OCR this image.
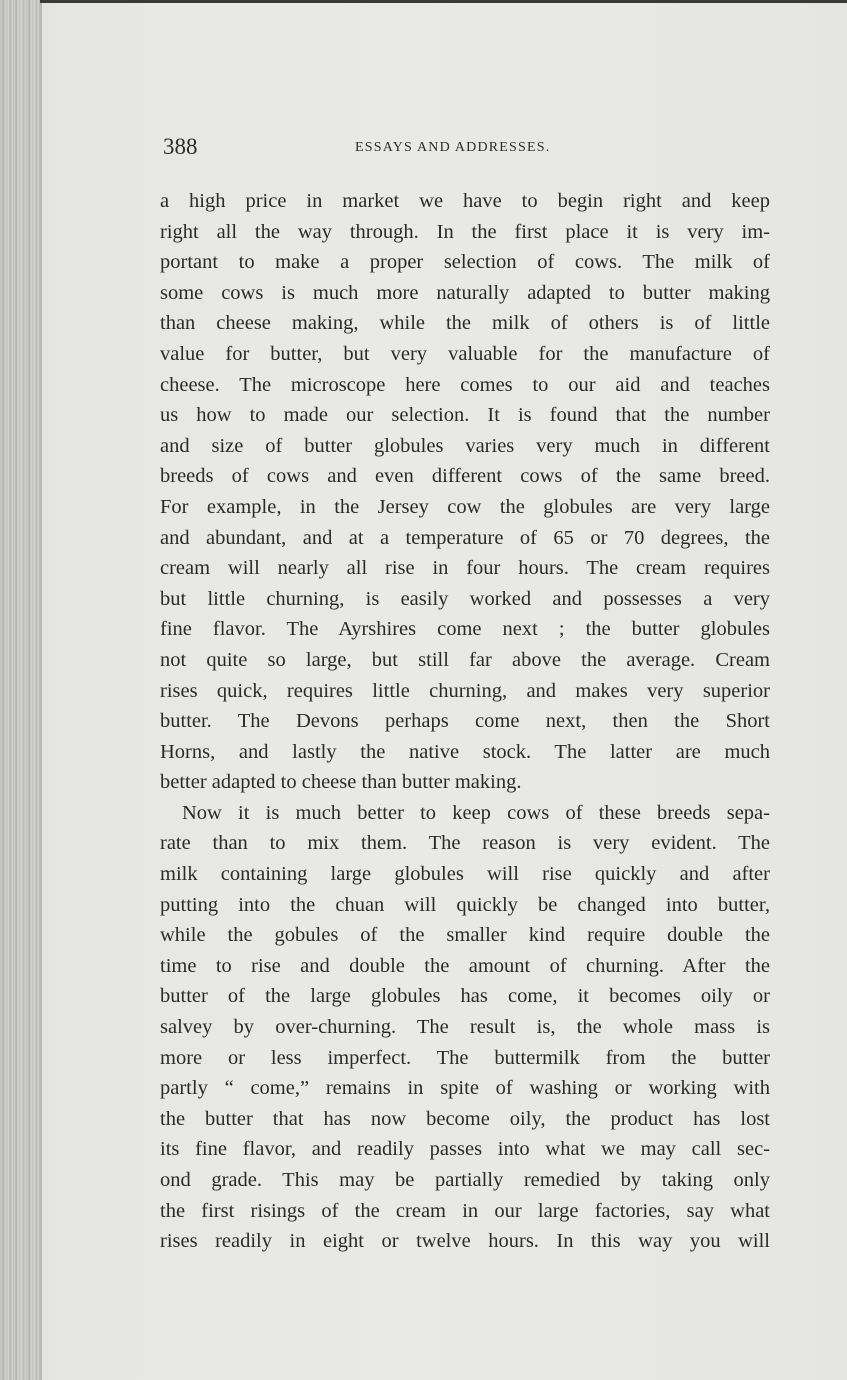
388	ESSAYS AND ADDRESSES.
a high price in market we have to begin right and keep
right all the way through. In the first place it is very im-
portant to make a proper selection of cows. The milk of
some cows is much more naturally adapted to butter making
than cheese making, while the milk of others is of little
value for butter, but very valuable for the manufacture of
cheese. The microscope here comes to our aid and teaches
us how to made our selection. It is found that the number
and size of butter globules varies very much in different
breeds of cows and even different cows of the same breed.
For example, in the Jersey cow the globules are very large
and abundant, and at a temperature of 65 or 70 degrees, the
cream will nearly all rise in four hours. The cream requires
but little churning, is easily worked and possesses a very
fine flavor. The Ayrshires come next ; the butter globules
not quite so large, but still far above the average. Cream
rises quick, requires little churning, and makes very superior
butter. The Devons perhaps come next, then the Short
Horns, and lastly the native stock. The latter are much
better adapted to cheese than butter making.
Now it is much better to keep cows of these breeds sepa-
rate than to mix them. The reason is very evident. The
milk containing large globules will rise quickly and after
putting into the chuan will quickly be changed into butter,
while the gobules of the smaller kind require double the
time to rise and double the amount of churning. After the
butter of the large globules has come, it becomes oily or
salvey by over-churning. The result is, the whole mass is
more or less imperfect. The buttermilk from the butter
partly “ come,” remains in spite of washing or working with
the butter that has now become oily, the product has lost
its fine flavor, and readily passes into what we may call sec-
ond grade. This may be partially remedied by taking only
the first risings of the cream in our large factories, say what
rises readily in eight or twelve hours. In this way you will
